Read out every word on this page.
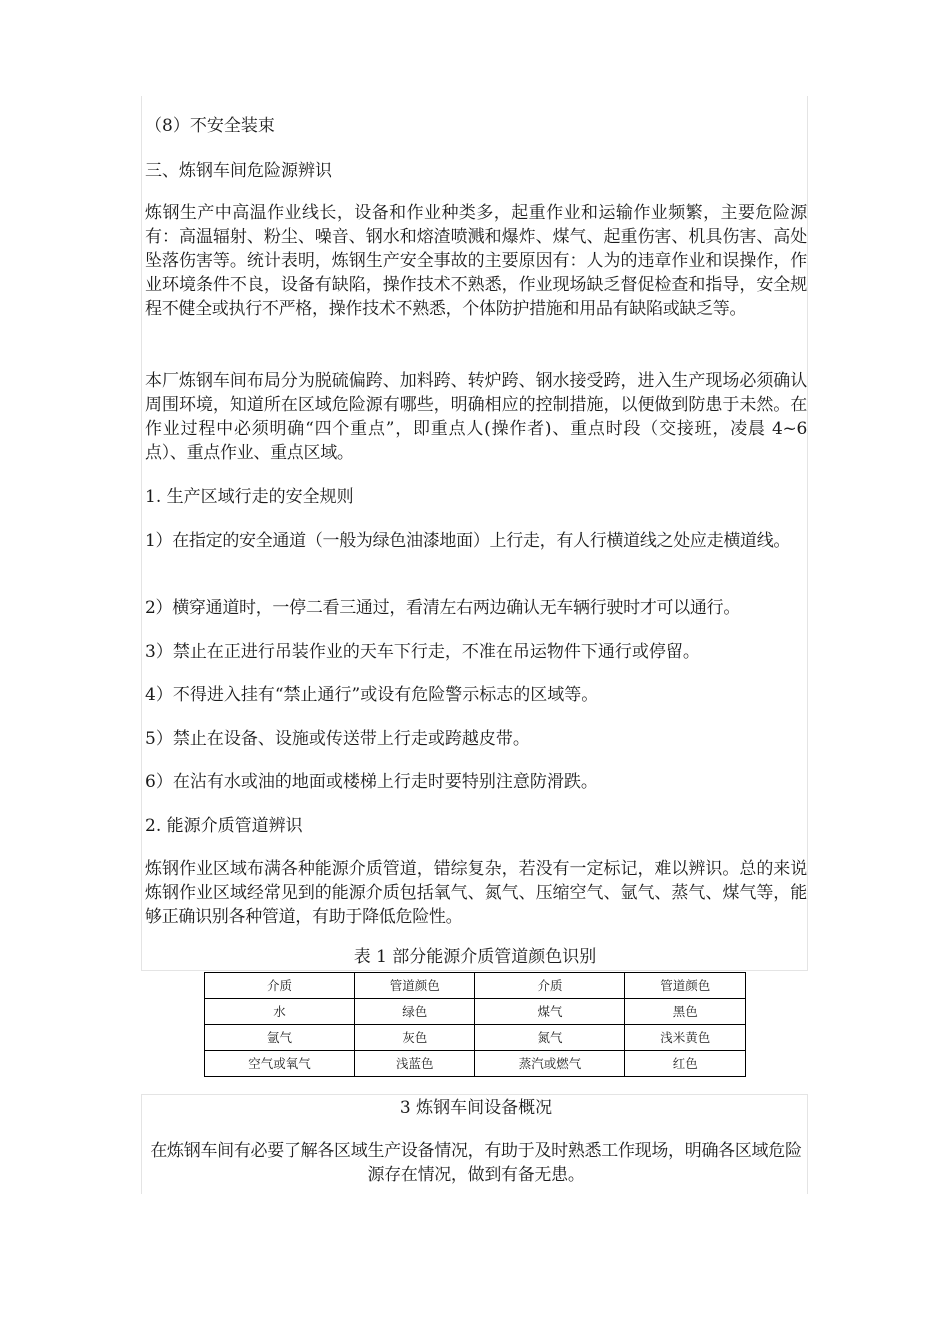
（8）不安全装束

三、炼钢车间危险源辨识

炼钢生产中高温作业线长，设备和作业种类多，起重作业和运输作业频繁，主要危险源有：高温辐射、粉尘、噪音、钢水和熔渣喷溅和爆炸、煤气、起重伤害、机具伤害、高处坠落伤害等。统计表明，炼钢生产安全事故的主要原因有：人为的违章作业和误操作，作业环境条件不良，设备有缺陷，操作技术不熟悉，作业现场缺乏督促检查和指导，安全规程不健全或执行不严格，操作技术不熟悉，个体防护措施和用品有缺陷或缺乏等。

本厂炼钢车间布局分为脱硫偏跨、加料跨、转炉跨、钢水接受跨，进入生产现场必须确认周围环境，知道所在区域危险源有哪些，明确相应的控制措施，以便做到防患于未然。在作业过程中必须明确“四个重点”，即重点人(操作者)、重点时段（交接班，凌晨 4~6 点）、重点作业、重点区域。

1. 生产区域行走的安全规则

1）在指定的安全通道（一般为绿色油漆地面）上行走，有人行横道线之处应走横道线。

2）横穿通道时，一停二看三通过，看清左右两边确认无车辆行驶时才可以通行。

3）禁止在正进行吊装作业的天车下行走，不准在吊运物件下通行或停留。

4）不得进入挂有“禁止通行”或设有危险警示标志的区域等。

5）禁止在设备、设施或传送带上行走或跨越皮带。

6）在沾有水或油的地面或楼梯上行走时要特别注意防滑跌。

2. 能源介质管道辨识

炼钢作业区域布满各种能源介质管道，错综复杂，若没有一定标记，难以辨识。总的来说炼钢作业区域经常见到的能源介质包括氧气、氮气、压缩空气、氩气、蒸气、煤气等，能够正确识别各种管道，有助于降低危险性。

表 1 部分能源介质管道颜色识别

介质	管道颜色	介质	管道颜色
水	绿色	煤气	黑色
氩气	灰色	氮气	浅米黄色
空气或氧气	浅蓝色	蒸汽或燃气	红色

3 炼钢车间设备概况

在炼钢车间有必要了解各区域生产设备情况，有助于及时熟悉工作现场，明确各区域危险源存在情况，做到有备无患。
